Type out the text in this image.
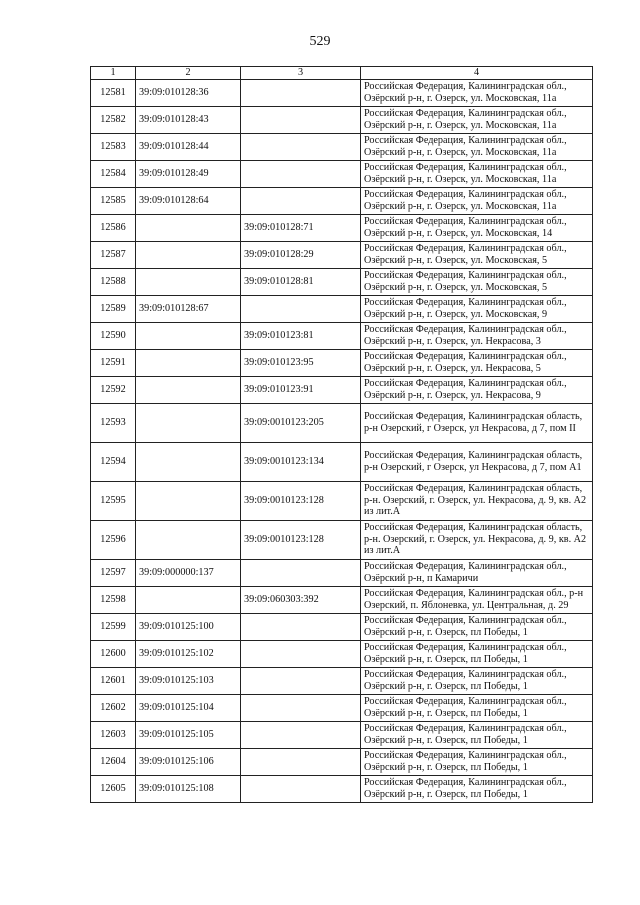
529
1	2	3	4
12581	39:09:010128:36		Российская Федерация, Калининградская обл., Озёрский р-н, г. Озерск, ул. Московская, 11а
12582	39:09:010128:43		Российская Федерация, Калининградская обл., Озёрский р-н, г. Озерск, ул. Московская, 11а
12583	39:09:010128:44		Российская Федерация, Калининградская обл., Озёрский р-н, г. Озерск, ул. Московская, 11а
12584	39:09:010128:49		Российская Федерация, Калининградская обл., Озёрский р-н, г. Озерск, ул. Московская, 11а
12585	39:09:010128:64		Российская Федерация, Калининградская обл., Озёрский р-н, г. Озерск, ул. Московская, 11а
12586		39:09:010128:71	Российская Федерация, Калининградская обл., Озёрский р-н, г. Озерск, ул. Московская, 14
12587		39:09:010128:29	Российская Федерация, Калининградская обл., Озёрский р-н, г. Озерск, ул. Московская, 5
12588		39:09:010128:81	Российская Федерация, Калининградская обл., Озёрский р-н, г. Озерск, ул. Московская, 5
12589	39:09:010128:67		Российская Федерация, Калининградская обл., Озёрский р-н, г. Озерск, ул. Московская, 9
12590		39:09:010123:81	Российская Федерация, Калининградская обл., Озёрский р-н, г. Озерск, ул. Некрасова, 3
12591		39:09:010123:95	Российская Федерация, Калининградская обл., Озёрский р-н, г. Озерск, ул. Некрасова, 5
12592		39:09:010123:91	Российская Федерация, Калининградская обл., Озёрский р-н, г. Озерск, ул. Некрасова, 9
12593		39:09:0010123:205	Российская Федерация, Калининградская область, р-н Озерский, г Озерск, ул Некрасова, д 7, пом II
12594		39:09:0010123:134	Российская Федерация, Калининградская область, р-н Озерский, г Озерск, ул Некрасова, д 7, пом А1
12595		39:09:0010123:128	Российская Федерация, Калининградская область, р-н. Озерский, г. Озерск, ул. Некрасова, д. 9, кв. А2 из лит.А
12596		39:09:0010123:128	Российская Федерация, Калининградская область, р-н. Озерский, г. Озерск, ул. Некрасова, д. 9, кв. А2 из лит.А
12597	39:09:000000:137		Российская Федерация, Калининградская обл., Озёрский р-н, п Камаричи
12598		39:09:060303:392	Российская Федерация, Калининградская обл., р-н Озерский, п. Яблоневка, ул. Центральная, д. 29
12599	39:09:010125:100		Российская Федерация, Калининградская обл., Озёрский р-н, г. Озерск, пл Победы, 1
12600	39:09:010125:102		Российская Федерация, Калининградская обл., Озёрский р-н, г. Озерск, пл Победы, 1
12601	39:09:010125:103		Российская Федерация, Калининградская обл., Озёрский р-н, г. Озерск, пл Победы, 1
12602	39:09:010125:104		Российская Федерация, Калининградская обл., Озёрский р-н, г. Озерск, пл Победы, 1
12603	39:09:010125:105		Российская Федерация, Калининградская обл., Озёрский р-н, г. Озерск, пл Победы, 1
12604	39:09:010125:106		Российская Федерация, Калининградская обл., Озёрский р-н, г. Озерск, пл Победы, 1
12605	39:09:010125:108		Российская Федерация, Калининградская обл., Озёрский р-н, г. Озерск, пл Победы, 1
